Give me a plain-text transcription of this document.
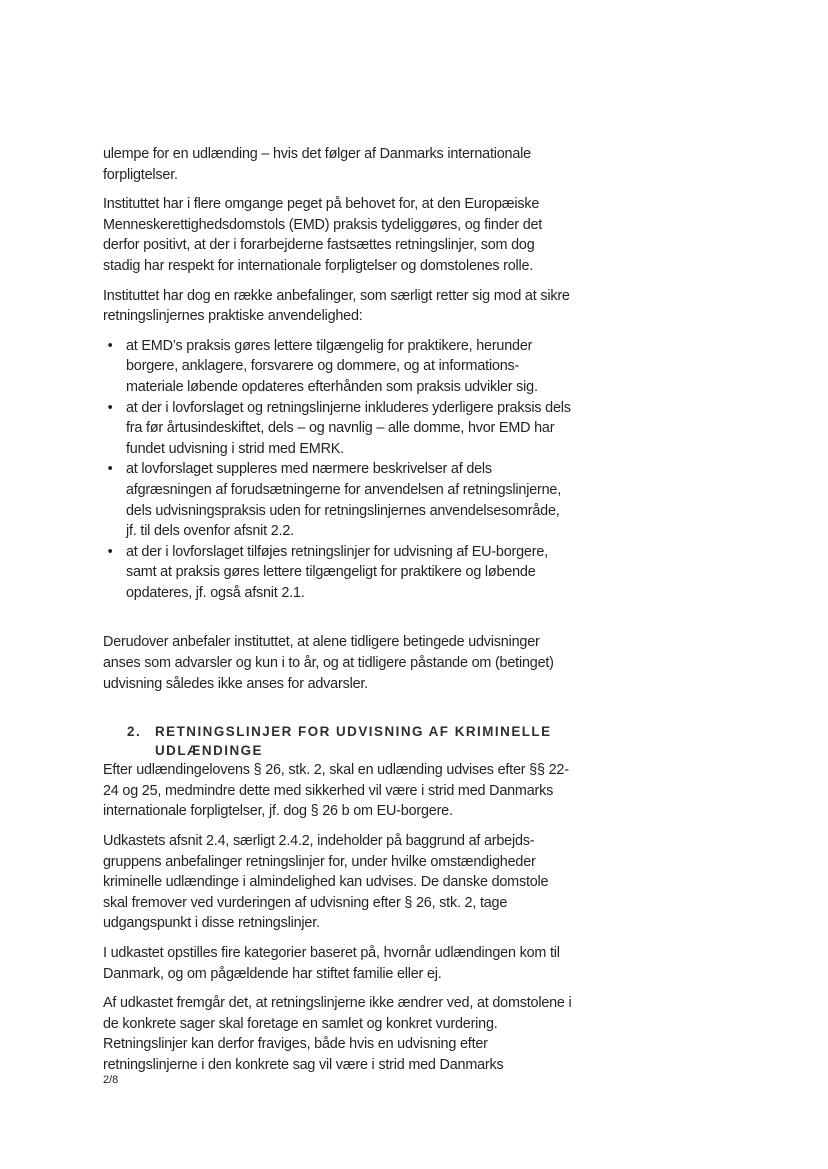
ulempe for en udlænding – hvis det følger af Danmarks internationale forpligtelser.

Instituttet har i flere omgange peget på behovet for, at den Europæiske Menneskerettighedsdomstols (EMD) praksis tydeliggøres, og finder det derfor positivt, at der i forarbejderne fastsættes retningslinjer, som dog stadig har respekt for internationale forpligtelser og domstolenes rolle.

Instituttet har dog en række anbefalinger, som særligt retter sig mod at sikre retningslinjernes praktiske anvendelighed:

• at EMD’s praksis gøres lettere tilgængelig for praktikere, herunder borgere, anklagere, forsvarere og dommere, og at informations-materiale løbende opdateres efterhånden som praksis udvikler sig.
• at der i lovforslaget og retningslinjerne inkluderes yderligere praksis dels fra før årtusindeskiftet, dels – og navnlig – alle domme, hvor EMD har fundet udvisning i strid med EMRK.
• at lovforslaget suppleres med nærmere beskrivelser af dels afgræsningen af forudsætningerne for anvendelsen af retningslinjerne, dels udvisningspraksis uden for retningslinjernes anvendelsesområde, jf. til dels ovenfor afsnit 2.2.
• at der i lovforslaget tilføjes retningslinjer for udvisning af EU-borgere, samt at praksis gøres lettere tilgængeligt for praktikere og løbende opdateres, jf. også afsnit 2.1.

Derudover anbefaler instituttet, at alene tidligere betingede udvisninger anses som advarsler og kun i to år, og at tidligere påstande om (betinget) udvisning således ikke anses for advarsler.

2.	RETNINGSLINJER FOR UDVISNING AF KRIMINELLE UDLÆNDINGE

Efter udlændingelovens § 26, stk. 2, skal en udlænding udvises efter §§ 22-24 og 25, medmindre dette med sikkerhed vil være i strid med Danmarks internationale forpligtelser, jf. dog § 26 b om EU-borgere.

Udkastets afsnit 2.4, særligt 2.4.2, indeholder på baggrund af arbejds-gruppens anbefalinger retningslinjer for, under hvilke omstændigheder kriminelle udlændinge i almindelighed kan udvises. De danske domstole skal fremover ved vurderingen af udvisning efter § 26, stk. 2, tage udgangspunkt i disse retningslinjer.

I udkastet opstilles fire kategorier baseret på, hvornår udlændingen kom til Danmark, og om pågældende har stiftet familie eller ej.

Af udkastet fremgår det, at retningslinjerne ikke ændrer ved, at domstolene i de konkrete sager skal foretage en samlet og konkret vurdering. Retningslinjer kan derfor fraviges, både hvis en udvisning efter retningslinjerne i den konkrete sag vil være i strid med Danmarks

2/8
